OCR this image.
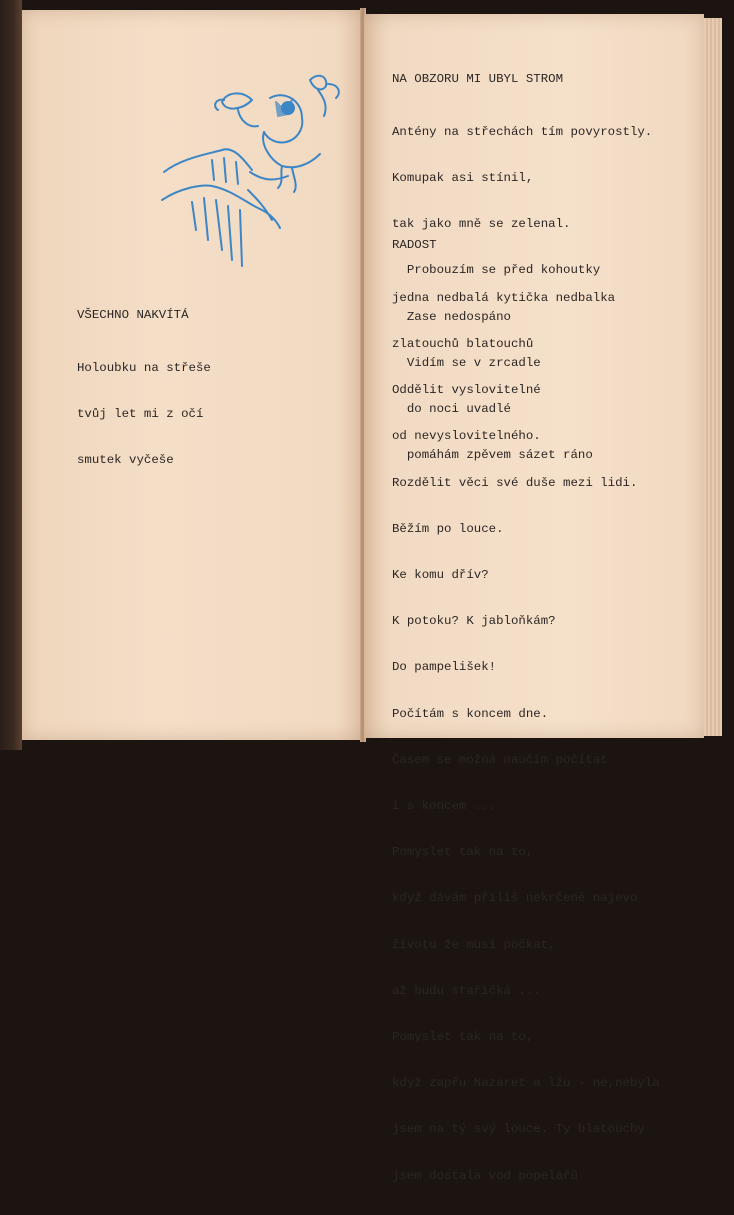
VŠECHNO NAKVÍTÁ

Holoubku na střeše

tvůj let mi z očí

smutek vyčeše

NA OBZORU MI UBYL STROM

Antény na střechách tím povyrostly.

Komupak asi stínil,

tak jako mně se zelenal.

Probouzím se před kohoutky

Zase nedospáno

Vidím se v zrcadle

do noci uvadlé

pomáhám zpěvem sázet ráno

RADOST

jedna nedbalá kytička nedbalka

zlatouchů blatouchů

Oddělit vyslovitelné

od nevyslovitelného.

Rozdělit věci své duše mezi lidi.

Běžím po louce.

Ke komu dřív?

K potoku? K jabloňkám?

Do pampelišek!

Počítám s koncem dne.

Časem se možná naučím počítat

i s koncem ...

Pomyslet tak na to,

když dávám příliš nekrčeně najevo

životu že musí počkat,

až budu stařičká ...

Pomyslet tak na to,

když zapřu Nazaret a lžu - ne,nebyla

jsem na tý svý louce. Ty blatouchy

jsem dostala vod popelářů
